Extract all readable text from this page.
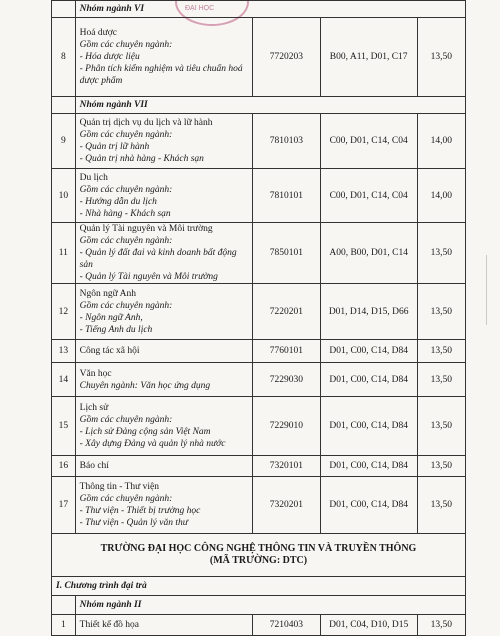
ĐẠI HỌC
	Nhóm ngành VI			
8	Hoá dược
Gồm các chuyên ngành:
- Hóa dược liệu
- Phân tích kiểm nghiệm và tiêu chuẩn hoá dược phẩm	7720203	B00, A11, D01, C17	13,50
	Nhóm ngành VII			
9	Quản trị dịch vụ du lịch và lữ hành
Gồm các chuyên ngành:
- Quản trị lữ hành
- Quản trị nhà hàng - Khách sạn	7810103	C00, D01, C14, C04	14,00
10	Du lịch
Gồm các chuyên ngành:
- Hướng dẫn du lịch
- Nhà hàng - Khách sạn	7810101	C00, D01, C14, C04	14,00
11	Quản lý Tài nguyên và Môi trường
Gồm các chuyên ngành:
- Quản lý đất đai và kinh doanh bất động sản
- Quản lý Tài nguyên và Môi trường	7850101	A00, B00, D01, C14	13,50
12	Ngôn ngữ Anh
Gồm các chuyên ngành:
- Ngôn ngữ Anh,
- Tiếng Anh du lịch	7220201	D01, D14, D15, D66	13,50
13	Công tác xã hội	7760101	D01, C00, C14, D84	13,50
14	Văn học
Chuyên ngành: Văn học ứng dụng	7229030	D01, C00, C14, D84	13,50
15	Lịch sử
Gồm các chuyên ngành:
- Lịch sử Đảng cộng sản Việt Nam
- Xây dựng Đảng và quản lý nhà nước	7229010	D01, C00, C14, D84	13,50
16	Báo chí	7320101	D01, C00, C14, D84	13,50
17	Thông tin - Thư viện
Gồm các chuyên ngành:
- Thư viện - Thiết bị trường học
- Thư viện - Quản lý văn thư	7320201	D01, C00, C14, D84	13,50

TRƯỜNG ĐẠI HỌC CÔNG NGHỆ THÔNG TIN VÀ TRUYỀN THÔNG
(MÃ TRƯỜNG: DTC)				

I. Chương trình đại trà				
	Nhóm ngành II			
1	Thiết kế đồ họa	7210403	D01, C04, D10, D15	13,50
